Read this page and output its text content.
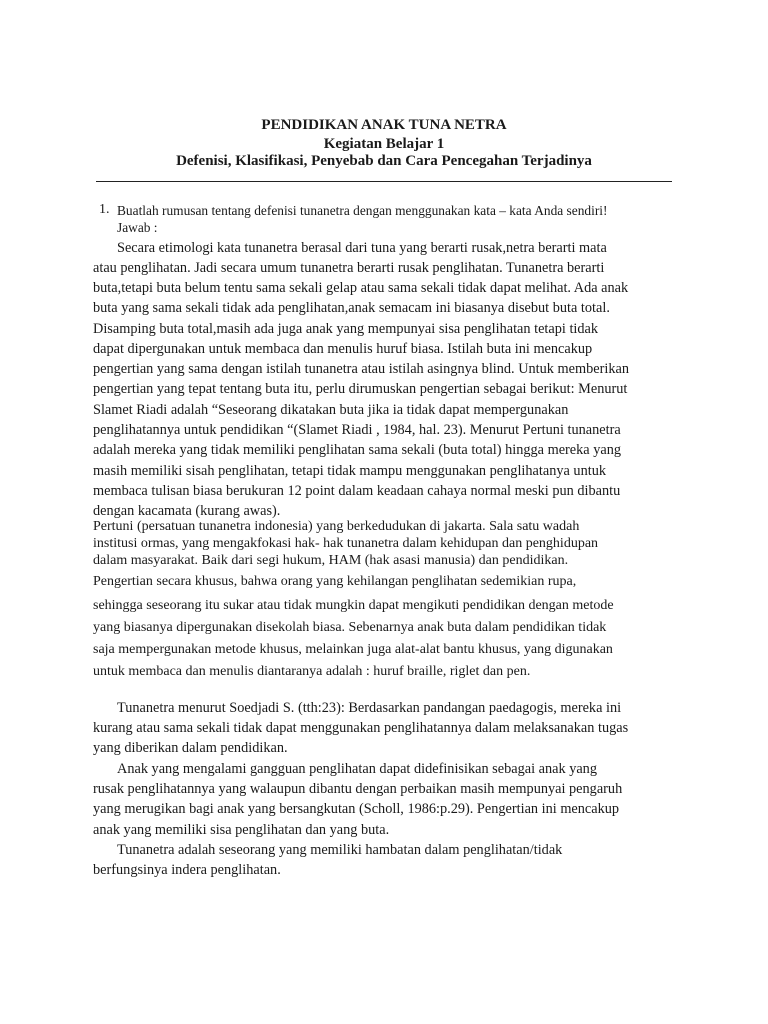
PENDIDIKAN ANAK TUNA NETRA
Kegiatan Belajar 1
Defenisi, Klasifikasi, Penyebab dan Cara Pencegahan Terjadinya
1. Buatlah rumusan tentang defenisi tunanetra dengan menggunakan kata – kata Anda sendiri!
Jawab :
Secara etimologi kata tunanetra berasal dari tuna yang berarti rusak,netra berarti mata
atau penglihatan. Jadi secara umum tunanetra berarti rusak penglihatan. Tunanetra berarti
buta,tetapi buta belum tentu sama sekali gelap atau sama sekali tidak dapat melihat. Ada anak
buta yang sama sekali tidak ada penglihatan,anak semacam ini biasanya disebut buta total.
Disamping buta total,masih ada juga anak yang mempunyai sisa penglihatan tetapi tidak
dapat dipergunakan untuk membaca dan menulis huruf biasa. Istilah buta ini mencakup
pengertian yang sama dengan istilah tunanetra atau istilah asingnya blind. Untuk memberikan
pengertian yang tepat tentang buta itu, perlu dirumuskan pengertian sebagai berikut: Menurut
Slamet Riadi adalah “Seseorang dikatakan buta jika ia tidak dapat mempergunakan
penglihatannya untuk pendidikan “(Slamet Riadi , 1984, hal. 23). Menurut Pertuni tunanetra
adalah mereka yang tidak memiliki penglihatan sama sekali (buta total) hingga mereka yang
masih memiliki sisah penglihatan, tetapi tidak mampu menggunakan penglihatanya untuk
membaca tulisan biasa berukuran 12 point dalam keadaan cahaya normal meski pun dibantu
dengan kacamata (kurang awas).
Pertuni (persatuan tunanetra indonesia) yang berkedudukan di jakarta. Sala satu wadah
institusi ormas, yang mengakfokasi hak- hak tunanetra dalam kehidupan dan penghidupan
dalam masyarakat. Baik dari segi hukum, HAM (hak asasi manusia) dan pendidikan.
Pengertian secara khusus, bahwa orang yang kehilangan penglihatan sedemikian rupa,
sehingga seseorang itu sukar atau tidak mungkin dapat mengikuti pendidikan dengan metode
yang biasanya dipergunakan disekolah biasa. Sebenarnya anak buta dalam pendidikan tidak
saja mempergunakan metode khusus, melainkan juga alat-alat bantu khusus, yang digunakan
untuk membaca dan menulis diantaranya adalah : huruf braille, riglet dan pen.
Tunanetra menurut Soedjadi S. (tth:23): Berdasarkan pandangan paedagogis, mereka ini
kurang atau sama sekali tidak dapat menggunakan penglihatannya dalam melaksanakan tugas
yang diberikan dalam pendidikan.
Anak yang mengalami gangguan penglihatan dapat didefinisikan sebagai anak yang
rusak penglihatannya yang walaupun dibantu dengan perbaikan masih mempunyai pengaruh
yang merugikan bagi anak yang bersangkutan (Scholl, 1986:p.29). Pengertian ini mencakup
anak yang memiliki sisa penglihatan dan yang buta.
Tunanetra adalah seseorang yang memiliki hambatan dalam penglihatan/tidak
berfungsinya indera penglihatan.
